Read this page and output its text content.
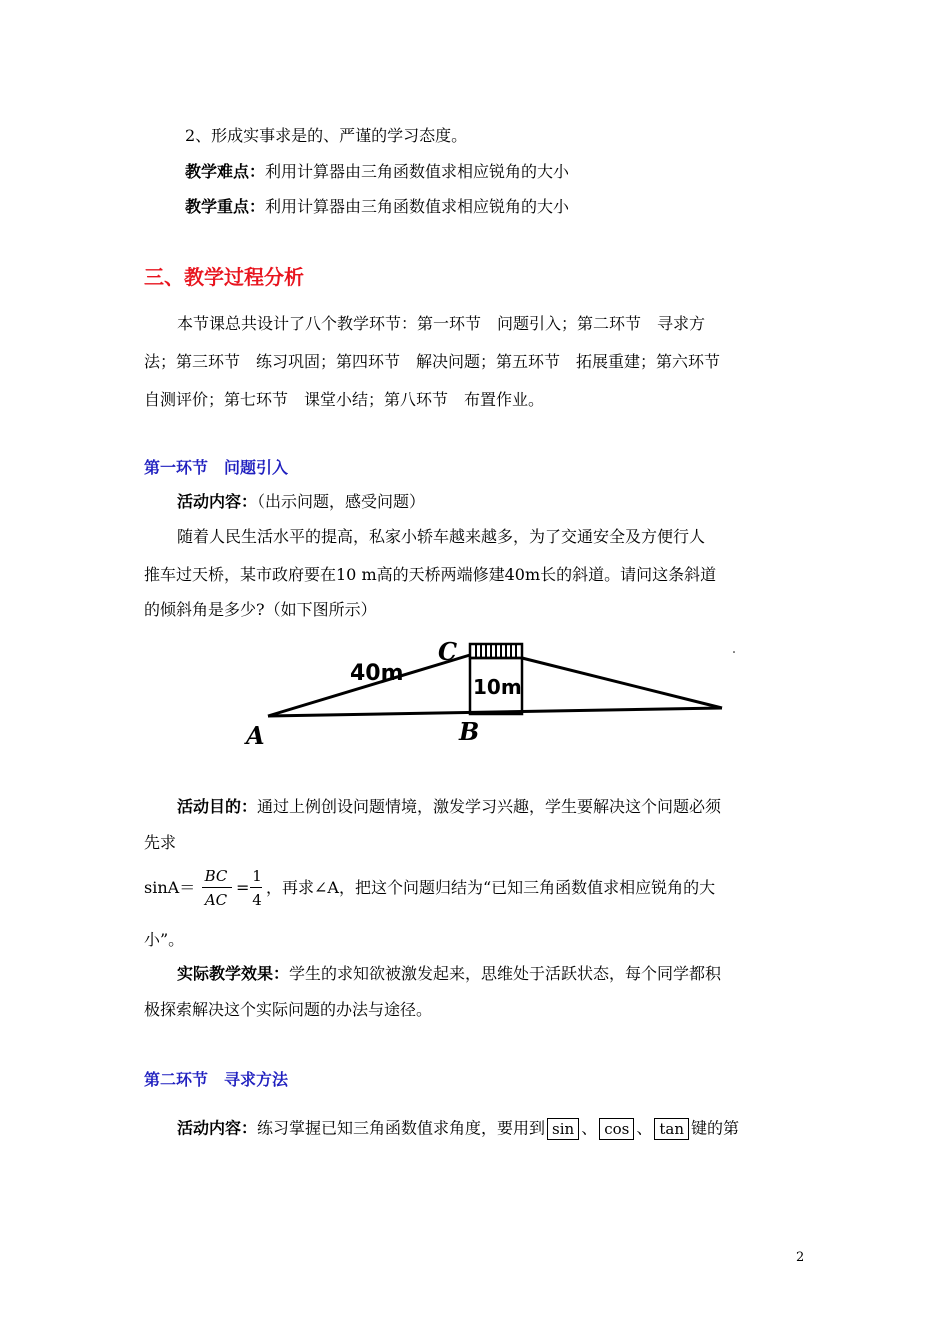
2、形成实事求是的、严谨的学习态度。
教学难点：利用计算器由三角函数值求相应锐角的大小
教学重点：利用计算器由三角函数值求相应锐角的大小
三、教学过程分析
本节课总共设计了八个教学环节：第一环节　问题引入；第二环节　寻求方
法；第三环节　练习巩固；第四环节　解决问题；第五环节　拓展重建；第六环节
自测评价；第七环节　课堂小结；第八环节　布置作业。
第一环节　问题引入
活动内容：（出示问题，感受问题）
随着人民生活水平的提高，私家小轿车越来越多，为了交通安全及方便行人
推车过天桥，某市政府要在10 m高的天桥两端修建40m长的斜道。请问这条斜道
的倾斜角是多少?（如下图所示）
40m
10m
A	B
C
活动目的：通过上例创设问题情境，激发学习兴趣，学生要解决这个问题必须
先求
sinA＝
BC
AC
=
1
4
，再求∠A，把这个问题归结为“已知三角函数值求相应锐角的大
小”。
实际教学效果：学生的求知欲被激发起来，思维处于活跃状态，每个同学都积
极探索解决这个实际问题的办法与途径。
第二环节　寻求方法
活动内容：练习掌握已知三角函数值求角度，要用到 sin 、 cos 、 tan 键的第
2
